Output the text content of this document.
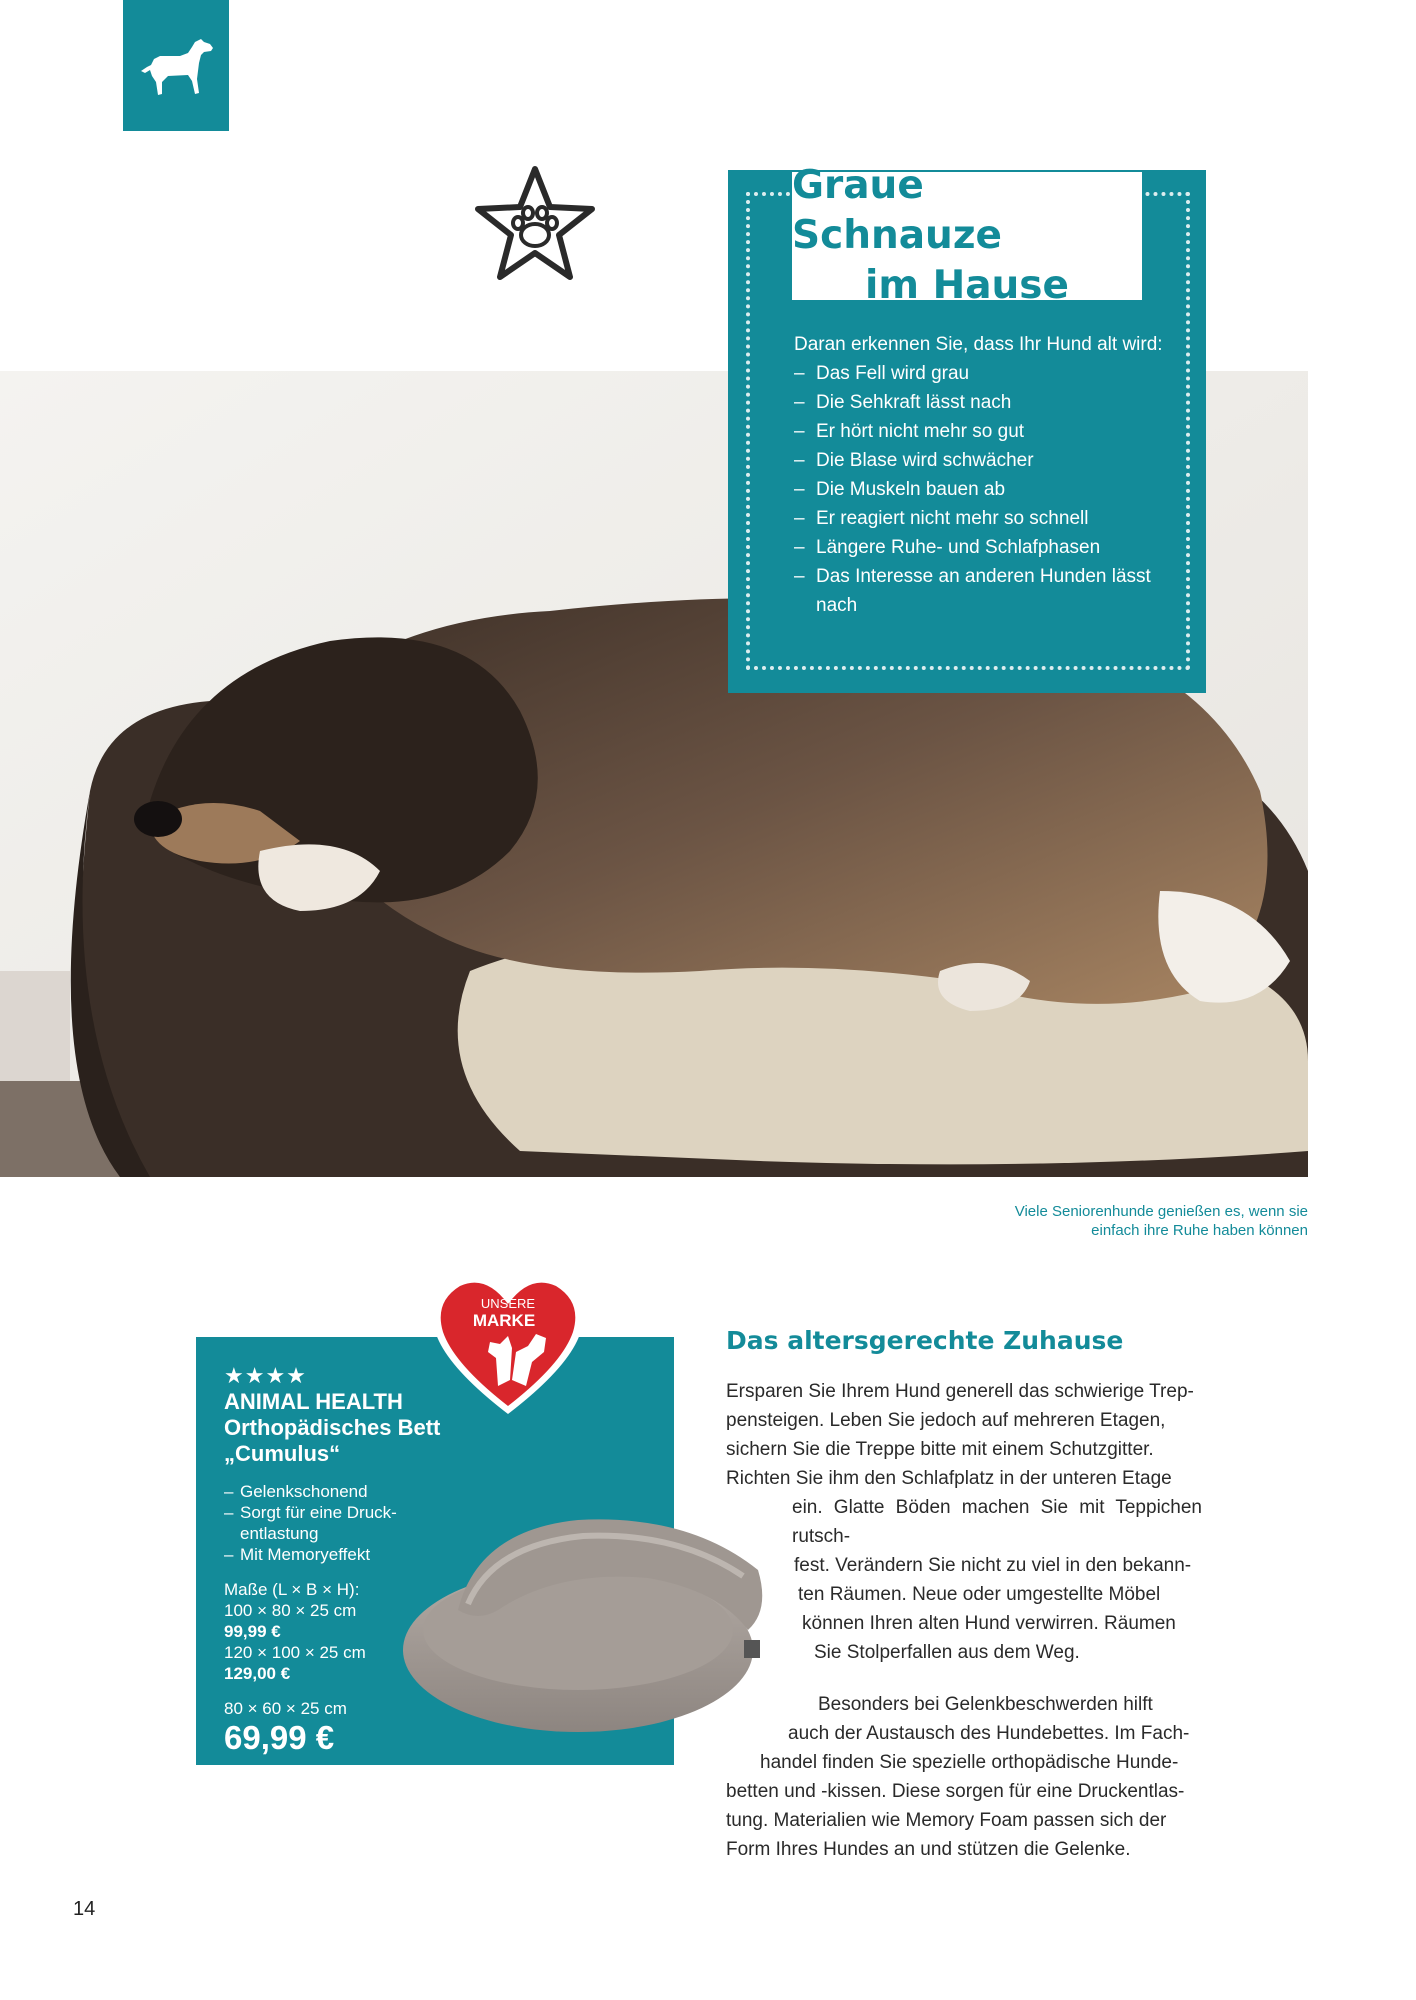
Graue Schnauze
im Hause
Daran erkennen Sie, dass Ihr Hund alt wird:
– Das Fell wird grau
– Die Sehkraft lässt nach
– Er hört nicht mehr so gut
– Die Blase wird schwächer
– Die Muskeln bauen ab
– Er reagiert nicht mehr so schnell
– Längere Ruhe- und Schlafphasen
– Das Interesse an anderen Hunden lässt nach
Viele Seniorenhunde genießen es, wenn sie
einfach ihre Ruhe haben können
★★★★
ANIMAL HEALTH
Orthopädisches Bett „Cumulus“
– Gelenkschonend
– Sorgt für eine Druck-entlastung
– Mit Memoryeffekt
Maße (L × B × H):
100 × 80 × 25 cm
99,99 €
120 × 100 × 25 cm
129,00 €
80 × 60 × 25 cm
69,99 €
UNSERE
MARKE
Das altersgerechte Zuhause
Ersparen Sie Ihrem Hund generell das schwierige Trep-
pensteigen. Leben Sie jedoch auf mehreren Etagen,
sichern Sie die Treppe bitte mit einem Schutzgitter.
Richten Sie ihm den Schlafplatz in der unteren Etage
ein. Glatte Böden machen Sie mit Teppichen rutsch-
fest. Verändern Sie nicht zu viel in den bekann-
ten Räumen. Neue oder umgestellte Möbel
können Ihren alten Hund verwirren. Räumen
Sie Stolperfallen aus dem Weg.
Besonders bei Gelenkbeschwerden hilft
auch der Austausch des Hundebettes. Im Fach-
handel finden Sie spezielle orthopädische Hunde-
betten und -kissen. Diese sorgen für eine Druckentlas-
tung. Materialien wie Memory Foam passen sich der
Form Ihres Hundes an und stützen die Gelenke.
14
